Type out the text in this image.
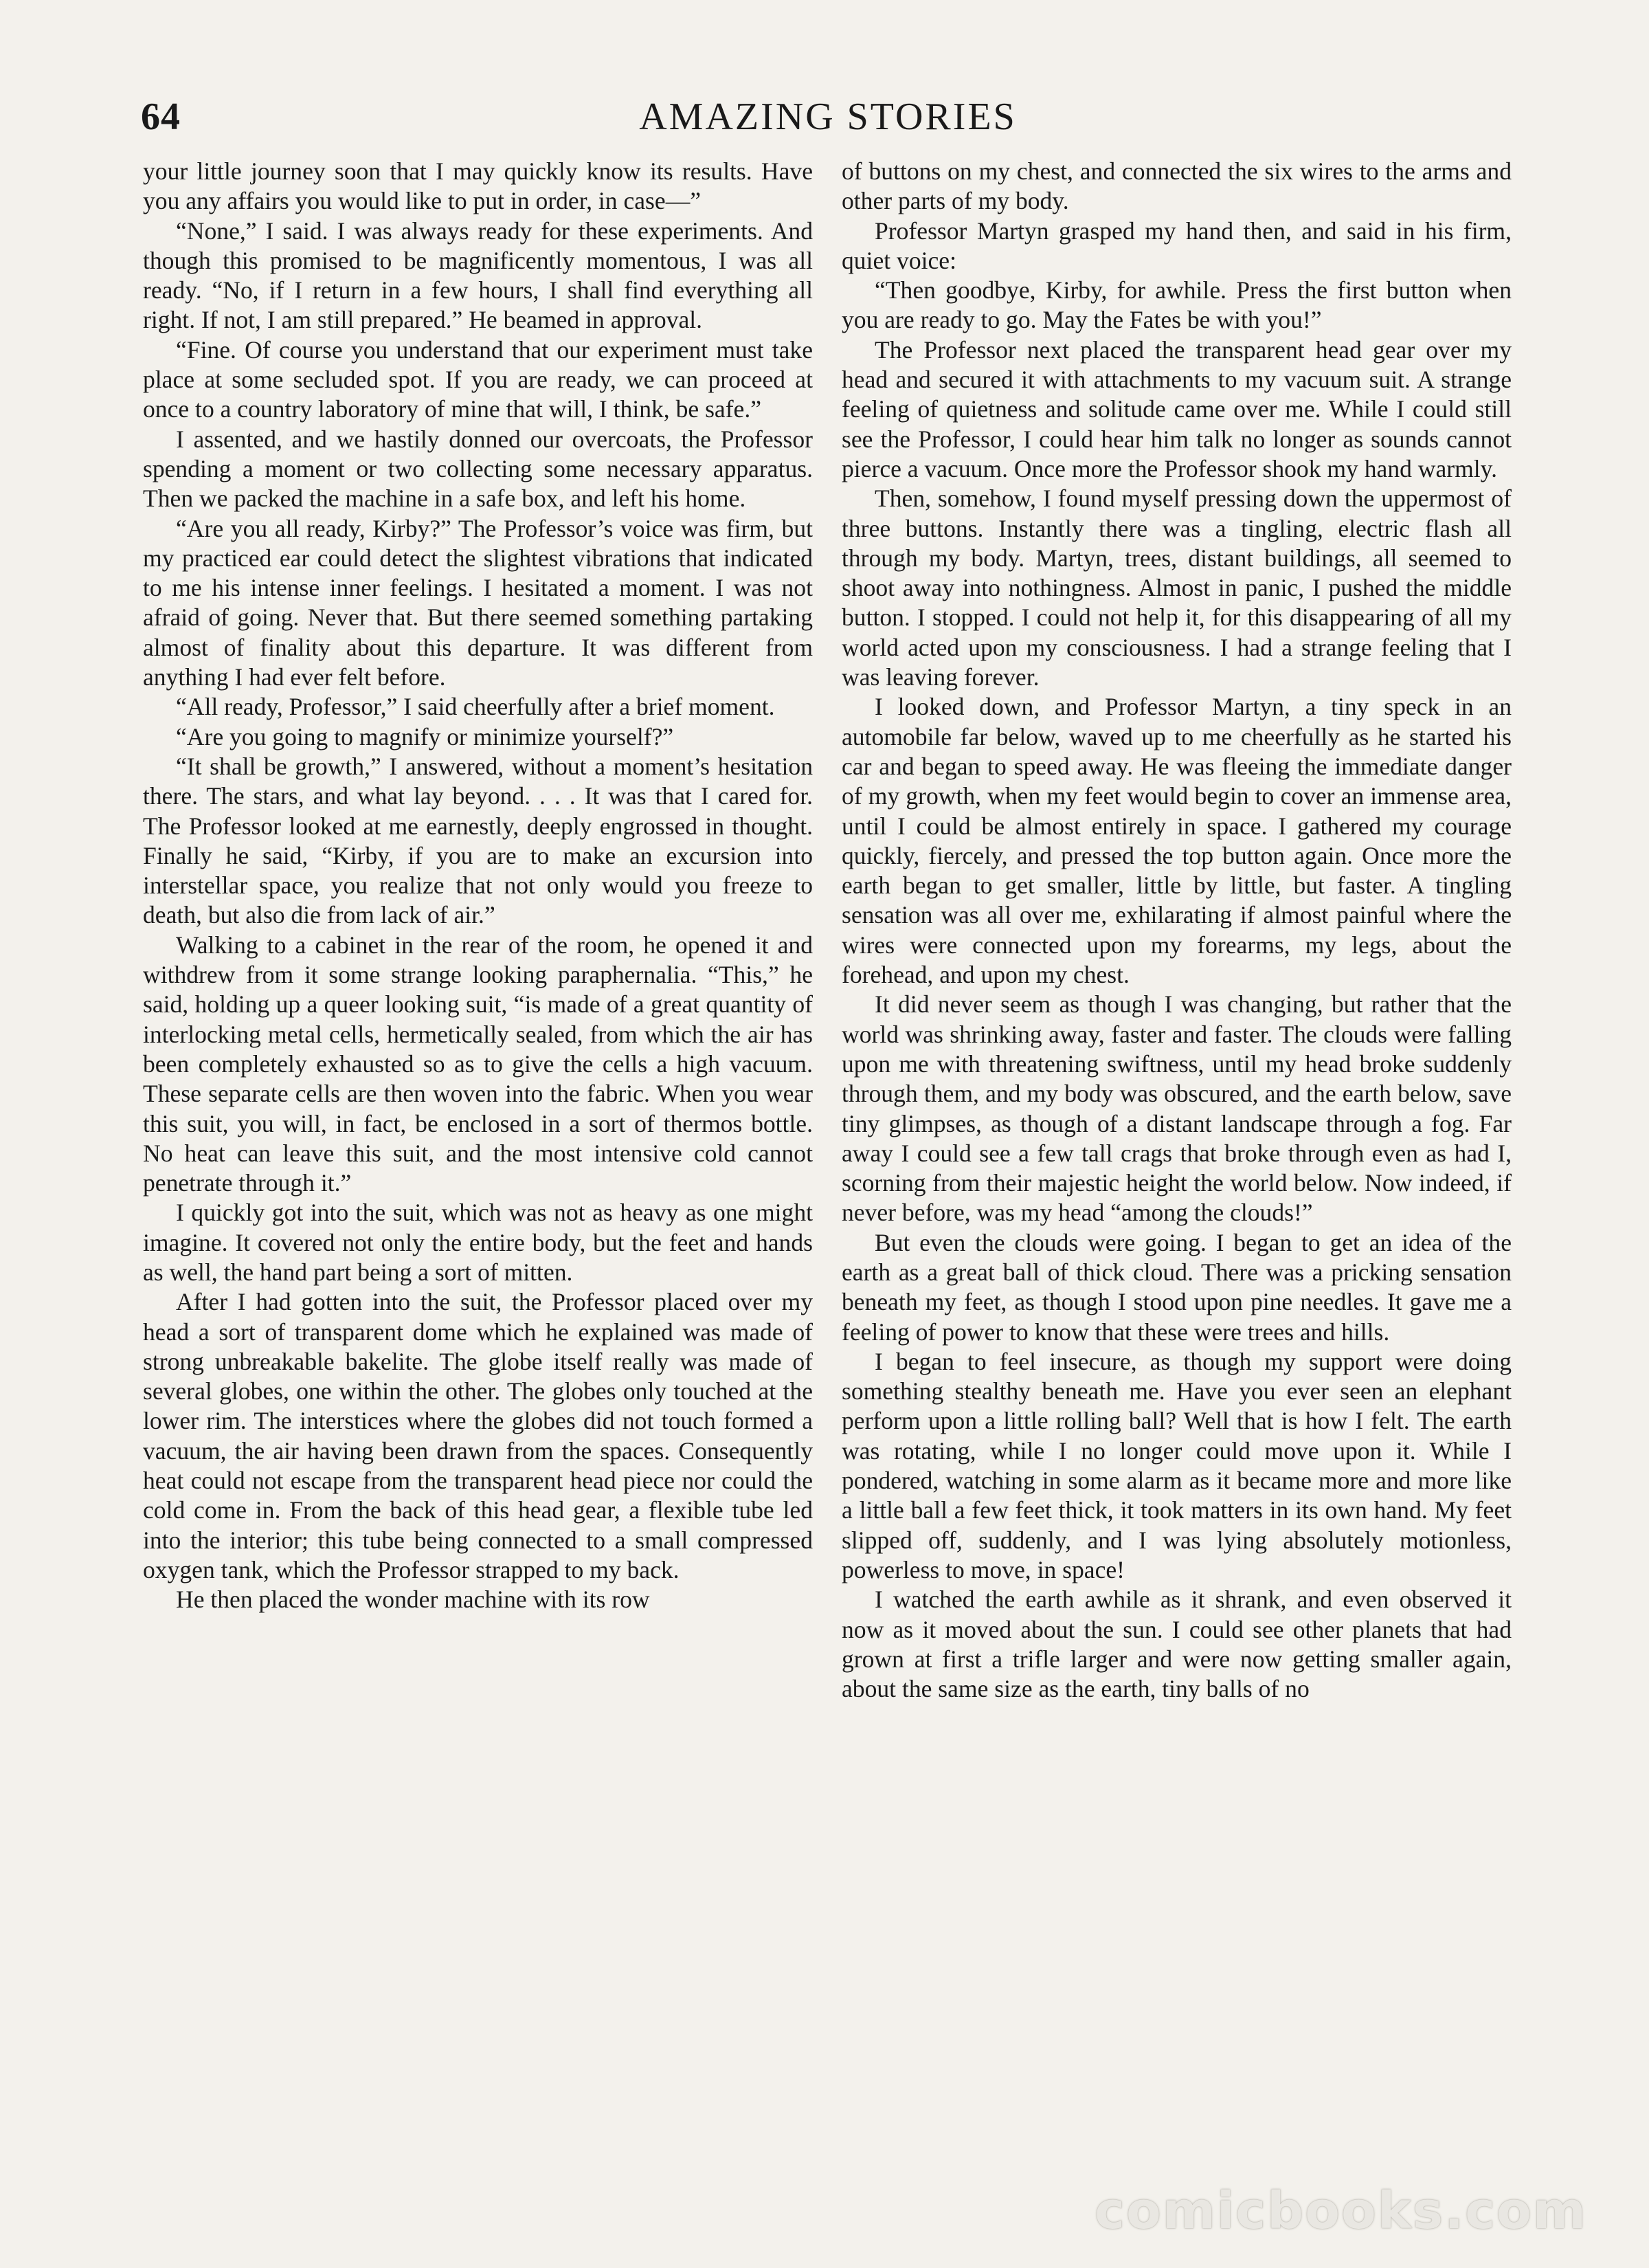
64	AMAZING STORIES

your little journey soon that I may quickly know its results. Have you any affairs you would like to put in order, in case—”

“None,” I said. I was always ready for these experiments. And though this promised to be magnificently momentous, I was all ready. “No, if I return in a few hours, I shall find everything all right. If not, I am still prepared.” He beamed in approval.

“Fine. Of course you understand that our experiment must take place at some secluded spot. If you are ready, we can proceed at once to a country laboratory of mine that will, I think, be safe.”

I assented, and we hastily donned our overcoats, the Professor spending a moment or two collecting some necessary apparatus. Then we packed the machine in a safe box, and left his home.

“Are you all ready, Kirby?” The Professor’s voice was firm, but my practiced ear could detect the slightest vibrations that indicated to me his intense inner feelings. I hesitated a moment. I was not afraid of going. Never that. But there seemed something partaking almost of finality about this departure. It was different from anything I had ever felt before.

“All ready, Professor,” I said cheerfully after a brief moment.

“Are you going to magnify or minimize yourself?”

“It shall be growth,” I answered, without a moment’s hesitation there. The stars, and what lay beyond. . . . It was that I cared for. The Professor looked at me earnestly, deeply engrossed in thought. Finally he said, “Kirby, if you are to make an excursion into interstellar space, you realize that not only would you freeze to death, but also die from lack of air.”

Walking to a cabinet in the rear of the room, he opened it and withdrew from it some strange looking paraphernalia. “This,” he said, holding up a queer looking suit, “is made of a great quantity of interlocking metal cells, hermetically sealed, from which the air has been completely exhausted so as to give the cells a high vacuum. These separate cells are then woven into the fabric. When you wear this suit, you will, in fact, be enclosed in a sort of thermos bottle. No heat can leave this suit, and the most intensive cold cannot penetrate through it.”

I quickly got into the suit, which was not as heavy as one might imagine. It covered not only the entire body, but the feet and hands as well, the hand part being a sort of mitten.

After I had gotten into the suit, the Professor placed over my head a sort of transparent dome which he explained was made of strong unbreakable bakelite. The globe itself really was made of several globes, one within the other. The globes only touched at the lower rim. The interstices where the globes did not touch formed a vacuum, the air having been drawn from the spaces. Consequently heat could not escape from the transparent head piece nor could the cold come in. From the back of this head gear, a flexible tube led into the interior; this tube being connected to a small compressed oxygen tank, which the Professor strapped to my back.

He then placed the wonder machine with its row

of buttons on my chest, and connected the six wires to the arms and other parts of my body.

Professor Martyn grasped my hand then, and said in his firm, quiet voice:

“Then goodbye, Kirby, for awhile. Press the first button when you are ready to go. May the Fates be with you!”

The Professor next placed the transparent head gear over my head and secured it with attachments to my vacuum suit. A strange feeling of quietness and solitude came over me. While I could still see the Professor, I could hear him talk no longer as sounds cannot pierce a vacuum. Once more the Professor shook my hand warmly.

Then, somehow, I found myself pressing down the uppermost of three buttons. Instantly there was a tingling, electric flash all through my body. Martyn, trees, distant buildings, all seemed to shoot away into nothingness. Almost in panic, I pushed the middle button. I stopped. I could not help it, for this disappearing of all my world acted upon my consciousness. I had a strange feeling that I was leaving forever.

I looked down, and Professor Martyn, a tiny speck in an automobile far below, waved up to me cheerfully as he started his car and began to speed away. He was fleeing the immediate danger of my growth, when my feet would begin to cover an immense area, until I could be almost entirely in space. I gathered my courage quickly, fiercely, and pressed the top button again. Once more the earth began to get smaller, little by little, but faster. A tingling sensation was all over me, exhilarating if almost painful where the wires were connected upon my forearms, my legs, about the forehead, and upon my chest.

It did never seem as though I was changing, but rather that the world was shrinking away, faster and faster. The clouds were falling upon me with threatening swiftness, until my head broke suddenly through them, and my body was obscured, and the earth below, save tiny glimpses, as though of a distant landscape through a fog. Far away I could see a few tall crags that broke through even as had I, scorning from their majestic height the world below. Now indeed, if never before, was my head “among the clouds!”

But even the clouds were going. I began to get an idea of the earth as a great ball of thick cloud. There was a pricking sensation beneath my feet, as though I stood upon pine needles. It gave me a feeling of power to know that these were trees and hills.

I began to feel insecure, as though my support were doing something stealthy beneath me. Have you ever seen an elephant perform upon a little rolling ball? Well that is how I felt. The earth was rotating, while I no longer could move upon it. While I pondered, watching in some alarm as it became more and more like a little ball a few feet thick, it took matters in its own hand. My feet slipped off, suddenly, and I was lying absolutely motionless, powerless to move, in space!

I watched the earth awhile as it shrank, and even observed it now as it moved about the sun. I could see other planets that had grown at first a trifle larger and were now getting smaller again, about the same size as the earth, tiny balls of no

comicbooks.com
